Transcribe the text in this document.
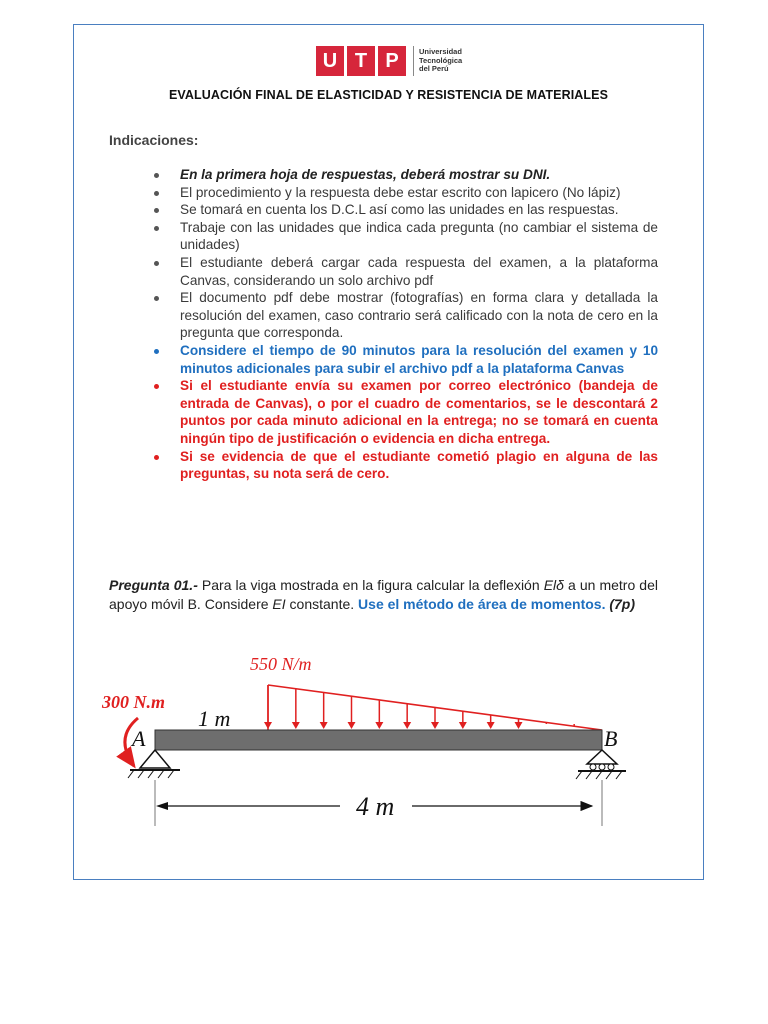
U T P	Universidad
Tecnológica
del Perú
EVALUACIÓN FINAL DE ELASTICIDAD Y RESISTENCIA DE MATERIALES
Indicaciones:
En la primera hoja de respuestas, deberá mostrar su DNI.
El procedimiento y la respuesta debe estar escrito con lapicero (No lápiz)
Se tomará en cuenta los D.C.L así como las unidades en las respuestas.
Trabaje con las unidades que indica cada pregunta (no cambiar el sistema de unidades)
El estudiante deberá cargar cada respuesta del examen, a la plataforma Canvas, considerando un solo archivo pdf
El documento pdf debe mostrar (fotografías) en forma clara y detallada la resolución del examen, caso contrario será calificado con la nota de cero en la pregunta que corresponda.
Considere el tiempo de 90 minutos para la resolución del examen y 10 minutos adicionales para subir el archivo pdf a la plataforma Canvas
Si el estudiante envía su examen por correo electrónico (bandeja de entrada de Canvas), o por el cuadro de comentarios, se le descontará 2 puntos por cada minuto adicional en la entrega; no se tomará en cuenta ningún tipo de justificación o evidencia en dicha entrega.
Si se evidencia de que el estudiante cometió plagio en alguna de las preguntas, su nota será de cero.
Pregunta 01.- Para la viga mostrada en la figura calcular la deflexión Elδ a un metro del apoyo móvil B. Considere EI constante. Use el método de área de momentos. (7p)
550 N/m
300 N.m
1 m
A	B
4 m
